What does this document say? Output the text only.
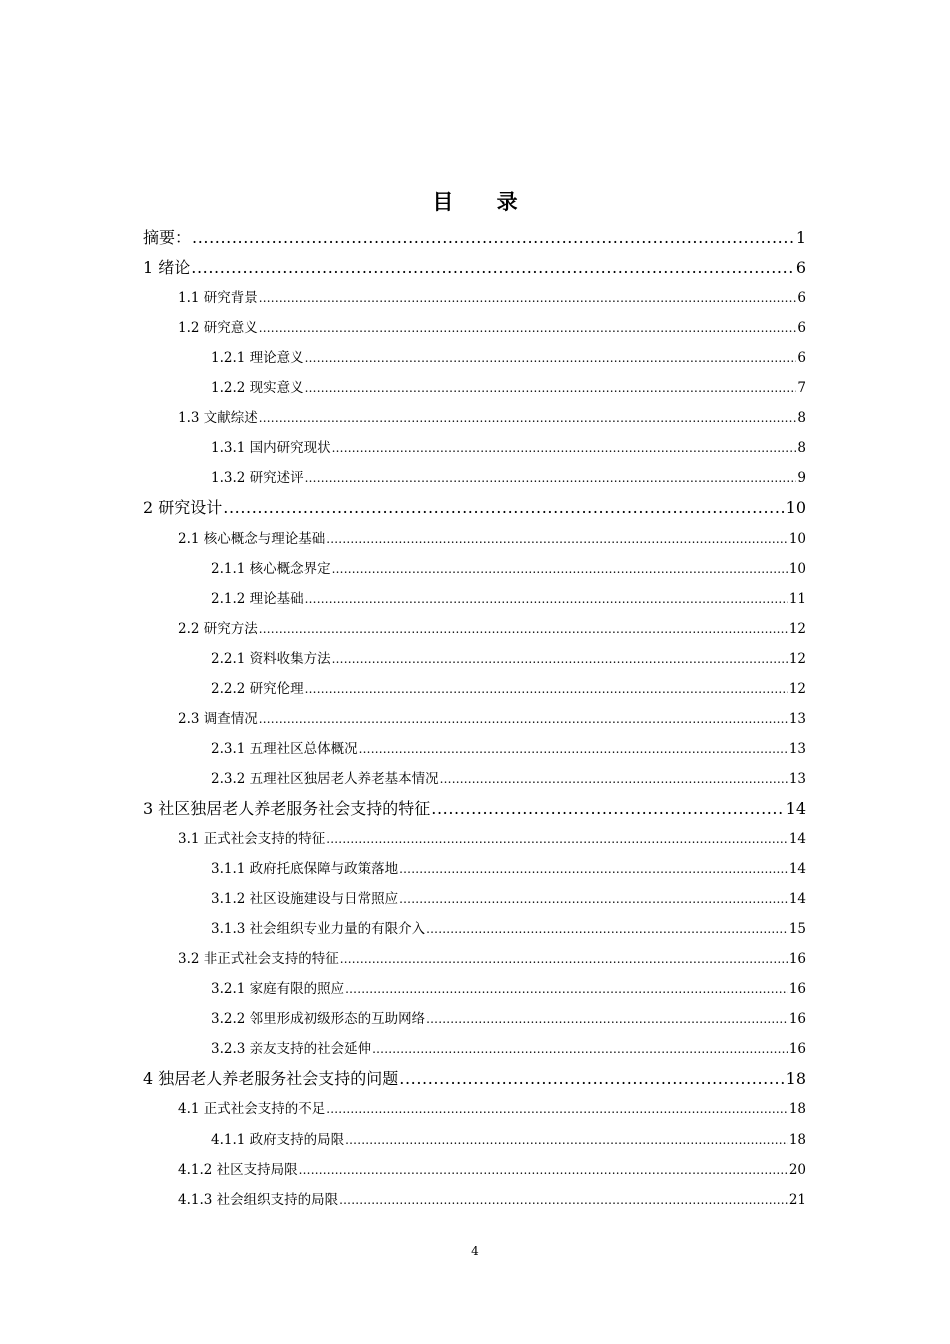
目 录
摘要： .....	1
1 绪论 .....	6
1.1 研究背景 .....	6
1.2 研究意义 .....	6
1.2.1 理论意义 .....	6
1.2.2 现实意义 .....	7
1.3 文献综述 .....	8
1.3.1 国内研究现状 .....	8
1.3.2 研究述评 .....	9
2 研究设计 .....	10
2.1 核心概念与理论基础 .....	10
2.1.1 核心概念界定 .....	10
2.1.2 理论基础 .....	11
2.2 研究方法 .....	12
2.2.1 资料收集方法 .....	12
2.2.2 研究伦理 .....	12
2.3 调查情况 .....	13
2.3.1 五理社区总体概况 .....	13
2.3.2 五理社区独居老人养老基本情况 .....	13
3 社区独居老人养老服务社会支持的特征 .....	14
3.1 正式社会支持的特征 .....	14
3.1.1 政府托底保障与政策落地 .....	14
3.1.2 社区设施建设与日常照应 .....	14
3.1.3 社会组织专业力量的有限介入 .....	15
3.2 非正式社会支持的特征 .....	16
3.2.1 家庭有限的照应 .....	16
3.2.2 邻里形成初级形态的互助网络 .....	16
3.2.3 亲友支持的社会延伸 .....	16
4 独居老人养老服务社会支持的问题 .....	18
4.1 正式社会支持的不足 .....	18
4.1.1 政府支持的局限 .....	18
4.1.2 社区支持局限 .....	20
4.1.3 社会组织支持的局限 .....	21
4
